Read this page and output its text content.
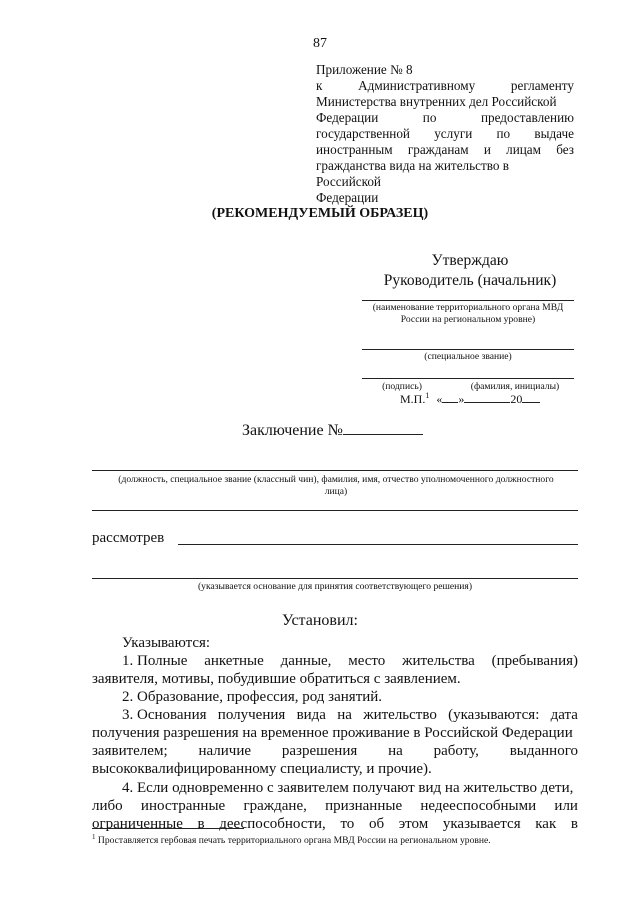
87
Приложение № 8
к	Административному	регламенту
Министерства внутренних дел Российской
Федерации	по	предоставлению
государственной услуги по выдаче
иностранным гражданам и лицам без
гражданства вида на жительство в Российской
Федерации
(РЕКОМЕНДУЕМЫЙ ОБРАЗЕЦ)
Утверждаю
Руководитель (начальник)
(наименование территориального органа МВД России на региональном уровне)
(специальное звание)
(подпись)	(фамилия, инициалы)
М.П.$^1$ « »	20
Заключение №
(должность, специальное звание (классный чин), фамилия, имя, отчество уполномоченного должностного лица)
рассмотрев
(указывается основание для принятия соответствующего решения)
Установил:
Указываются:
1. Полные анкетные данные, место жительства (пребывания)
заявителя, мотивы, побудившие обратиться с заявлением.
2. Образование, профессия, род занятий.
3. Основания получения вида на жительство (указываются: дата
получения разрешения на временное проживание в Российской Федерации
заявителем; наличие разрешения на работу, выданного
высококвалифицированному специалисту, и прочие).
4. Если одновременно с заявителем получают вид на жительство дети,
либо иностранные граждане, признанные недееспособными или
ограниченные в дееспособности, то об этом указывается как в
$^1$ Проставляется гербовая печать территориального органа МВД России на региональном уровне.
